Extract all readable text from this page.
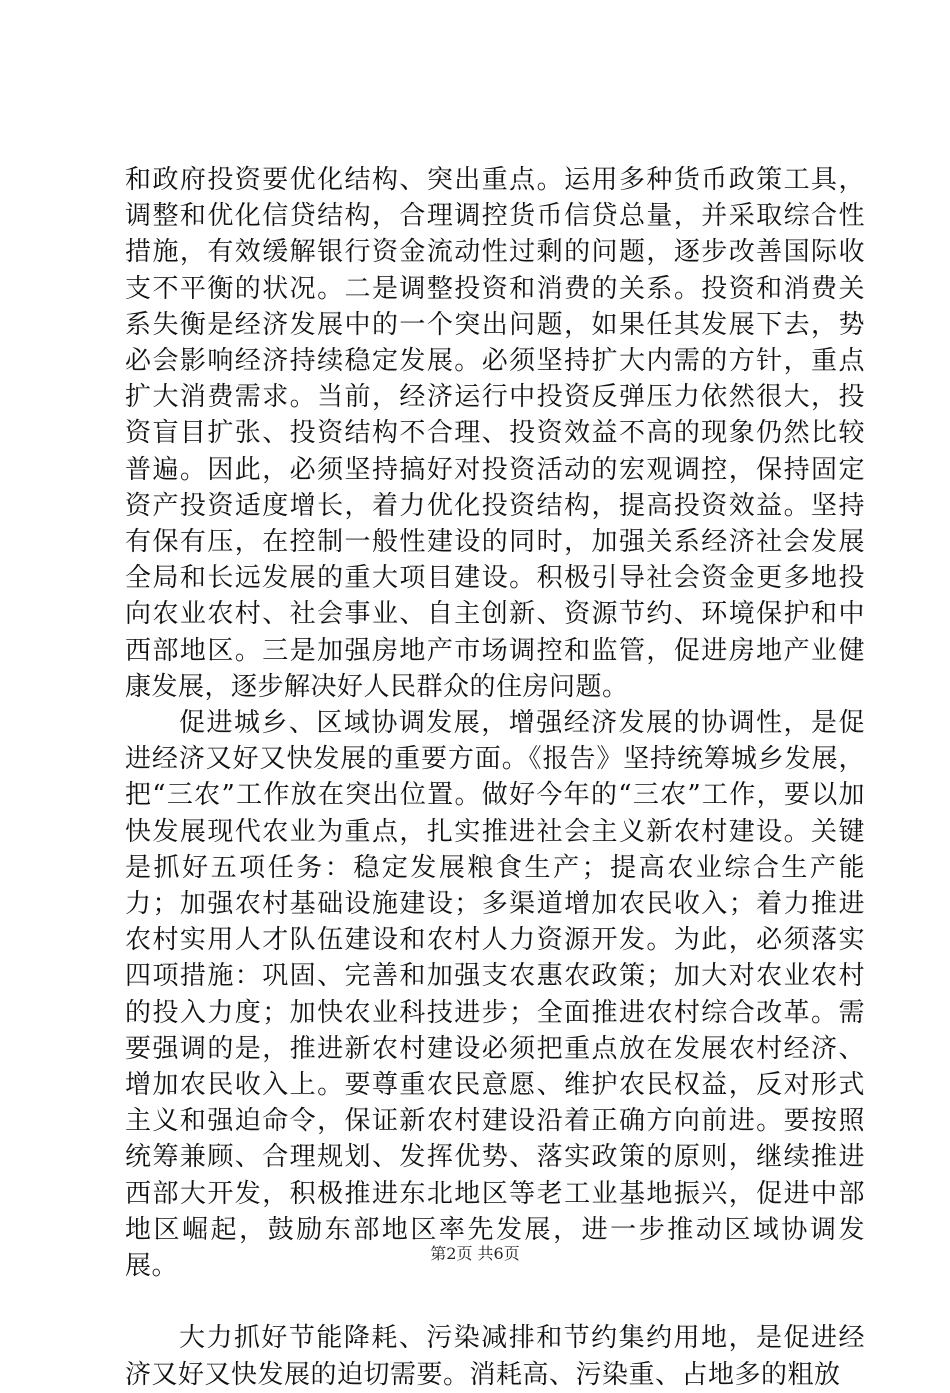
和政府投资要优化结构、突出重点。运用多种货币政策工具，调整和优化信贷结构，合理调控货币信贷总量，并采取综合性措施，有效缓解银行资金流动性过剩的问题，逐步改善国际收支不平衡的状况。二是调整投资和消费的关系。投资和消费关系失衡是经济发展中的一个突出问题，如果任其发展下去，势必会影响经济持续稳定发展。必须坚持扩大内需的方针，重点扩大消费需求。当前，经济运行中投资反弹压力依然很大，投资盲目扩张、投资结构不合理、投资效益不高的现象仍然比较普遍。因此，必须坚持搞好对投资活动的宏观调控，保持固定资产投资适度增长，着力优化投资结构，提高投资效益。坚持有保有压，在控制一般性建设的同时，加强关系经济社会发展全局和长远发展的重大项目建设。积极引导社会资金更多地投向农业农村、社会事业、自主创新、资源节约、环境保护和中西部地区。三是加强房地产市场调控和监管，促进房地产业健康发展，逐步解决好人民群众的住房问题。

促进城乡、区域协调发展，增强经济发展的协调性，是促进经济又好又快发展的重要方面。《报告》坚持统筹城乡发展，把“三农”工作放在突出位置。做好今年的“三农”工作，要以加快发展现代农业为重点，扎实推进社会主义新农村建设。关键是抓好五项任务：稳定发展粮食生产；提高农业综合生产能力；加强农村基础设施建设；多渠道增加农民收入；着力推进农村实用人才队伍建设和农村人力资源开发。为此，必须落实四项措施：巩固、完善和加强支农惠农政策；加大对农业农村的投入力度；加快农业科技进步；全面推进农村综合改革。需要强调的是，推进新农村建设必须把重点放在发展农村经济、增加农民收入上。要尊重农民意愿、维护农民权益，反对形式主义和强迫命令，保证新农村建设沿着正确方向前进。要按照统筹兼顾、合理规划、发挥优势、落实政策的原则，继续推进西部大开发，积极推进东北地区等老工业基地振兴，促进中部地区崛起，鼓励东部地区率先发展，进一步推动区域协调发展。

大力抓好节能降耗、污染减排和节约集约用地，是促进经济又好又快发展的迫切需要。消耗高、污染重、占地多的粗放

第2页 共6页
